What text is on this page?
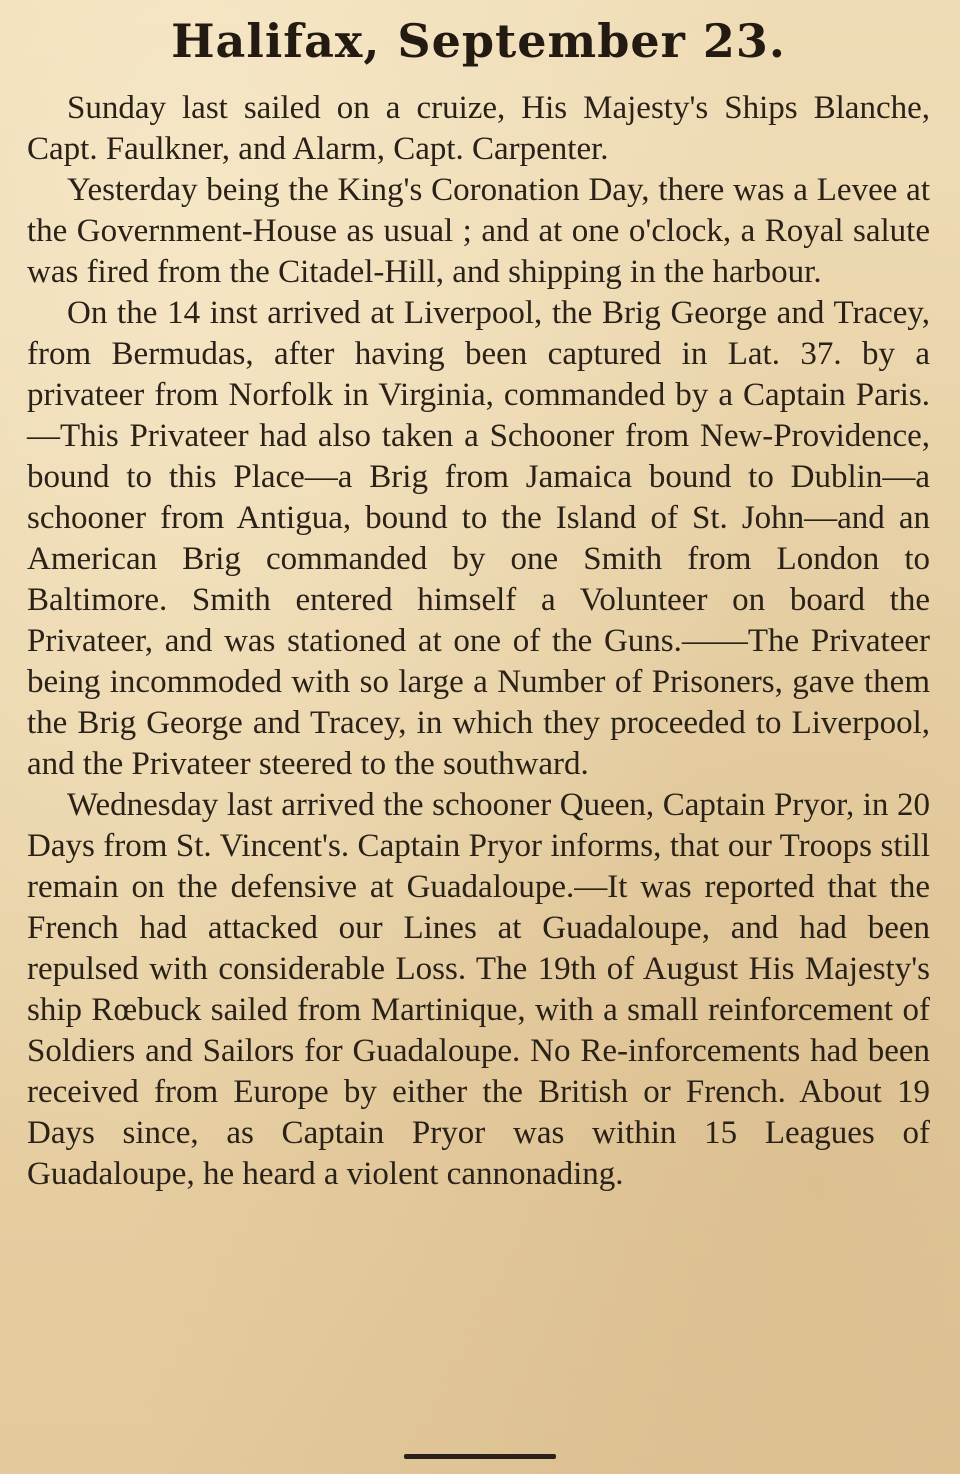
Halifax, September 23.

Sunday last sailed on a cruize, His Majesty's Ships Blanche, Capt. Faulkner, and Alarm, Capt. Carpenter.

Yesterday being the King's Coronation Day, there was a Levee at the Government-House as usual ; and at one o'clock, a Royal salute was fired from the Citadel-Hill, and shipping in the harbour.

On the 14 inst arrived at Liverpool, the Brig George and Tracey, from Bermudas, after having been captured in Lat. 37. by a privateer from Norfolk in Virginia, commanded by a Captain Paris.—This Privateer had also taken a Schooner from New-Providence, bound to this Place—a Brig from Jamaica bound to Dublin—a schooner from Antigua, bound to the Island of St. John—and an American Brig commanded by one Smith from London to Baltimore. Smith entered himself a Volunteer on board the Privateer, and was stationed at one of the Guns.——The Privateer being incommoded with so large a Number of Prisoners, gave them the Brig George and Tracey, in which they proceeded to Liverpool, and the Privateer steered to the southward.

Wednesday last arrived the schooner Queen, Captain Pryor, in 20 Days from St. Vincent's. Captain Pryor informs, that our Troops still remain on the defensive at Guadaloupe.—It was reported that the French had attacked our Lines at Guadaloupe, and had been repulsed with considerable Loss. The 19th of August His Majesty's ship Rœbuck sailed from Martinique, with a small reinforcement of Soldiers and Sailors for Guadaloupe. No Re-inforcements had been received from Europe by either the British or French. About 19 Days since, as Captain Pryor was within 15 Leagues of Guadaloupe, he heard a violent cannonading.
